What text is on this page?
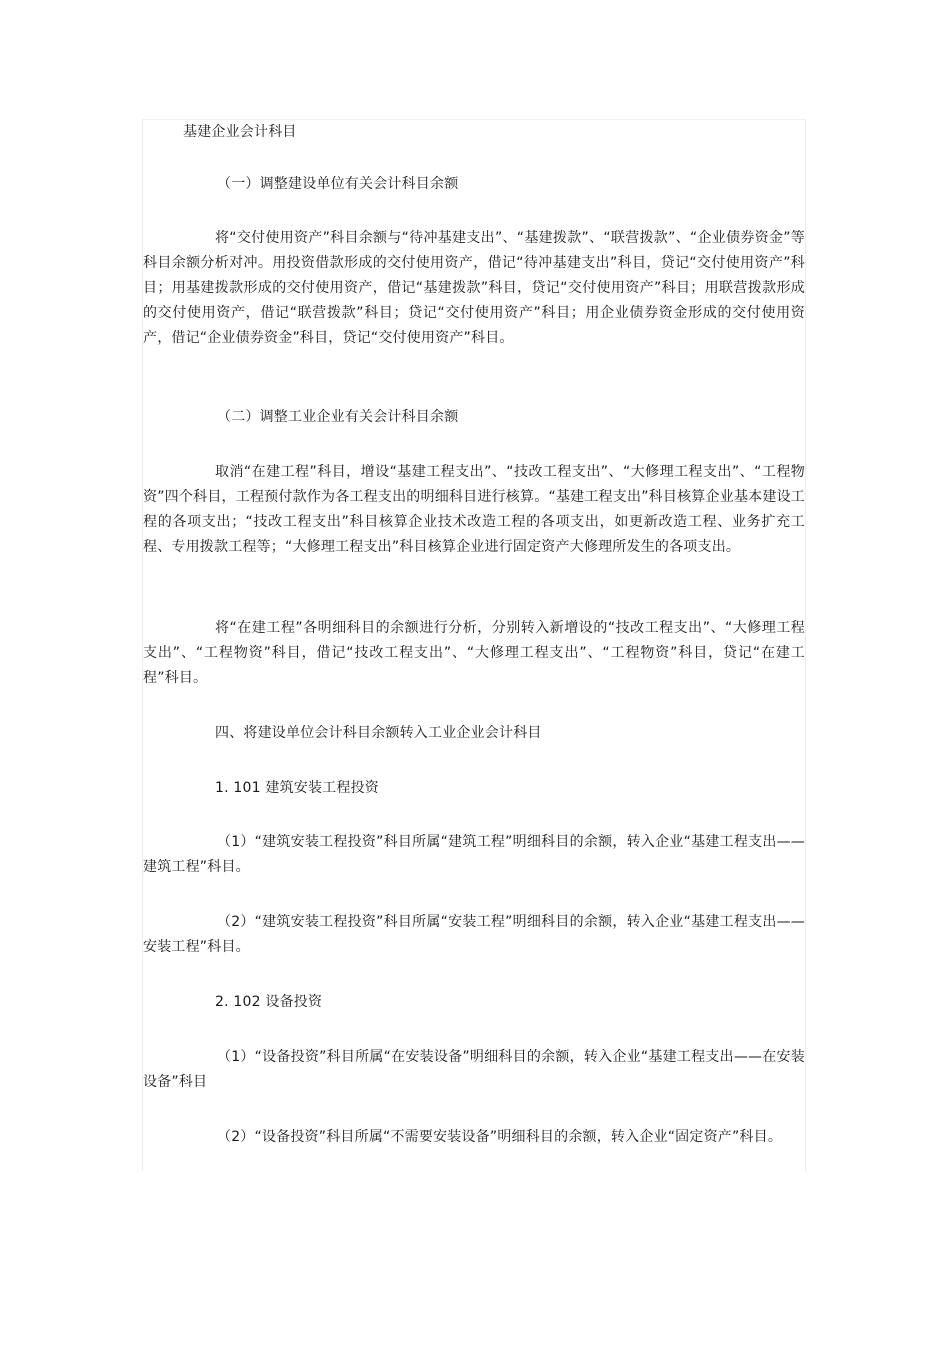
基建企业会计科目

（一）调整建设单位有关会计科目余额

将“交付使用资产”科目余额与“待冲基建支出”、“基建拨款”、“联营拨款”、“企业债券资金”等科目余额分析对冲。用投资借款形成的交付使用资产，借记“待冲基建支出”科目，贷记“交付使用资产”科目；用基建拨款形成的交付使用资产，借记“基建拨款”科目，贷记“交付使用资产”科目；用联营拨款形成的交付使用资产，借记“联营拨款”科目；贷记“交付使用资产”科目；用企业债券资金形成的交付使用资产，借记“企业债券资金”科目，贷记“交付使用资产”科目。

（二）调整工业企业有关会计科目余额

取消“在建工程”科目，增设“基建工程支出”、“技改工程支出”、“大修理工程支出”、“工程物资”四个科目，工程预付款作为各工程支出的明细科目进行核算。“基建工程支出”科目核算企业基本建设工程的各项支出；“技改工程支出”科目核算企业技术改造工程的各项支出，如更新改造工程、业务扩充工程、专用拨款工程等；“大修理工程支出”科目核算企业进行固定资产大修理所发生的各项支出。

将“在建工程”各明细科目的余额进行分析，分别转入新增设的“技改工程支出”、“大修理工程支出”、“工程物资”科目，借记“技改工程支出”、“大修理工程支出”、“工程物资”科目，贷记“在建工程”科目。

四、将建设单位会计科目余额转入工业企业会计科目

1. 101 建筑安装工程投资

（1）“建筑安装工程投资”科目所属“建筑工程”明细科目的余额，转入企业“基建工程支出——建筑工程”科目。

（2）“建筑安装工程投资”科目所属“安装工程”明细科目的余额，转入企业“基建工程支出——安装工程”科目。

2. 102 设备投资

（1）“设备投资”科目所属“在安装设备”明细科目的余额，转入企业“基建工程支出——在安装设备”科目

（2）“设备投资”科目所属“不需要安装设备”明细科目的余额，转入企业“固定资产”科目。
